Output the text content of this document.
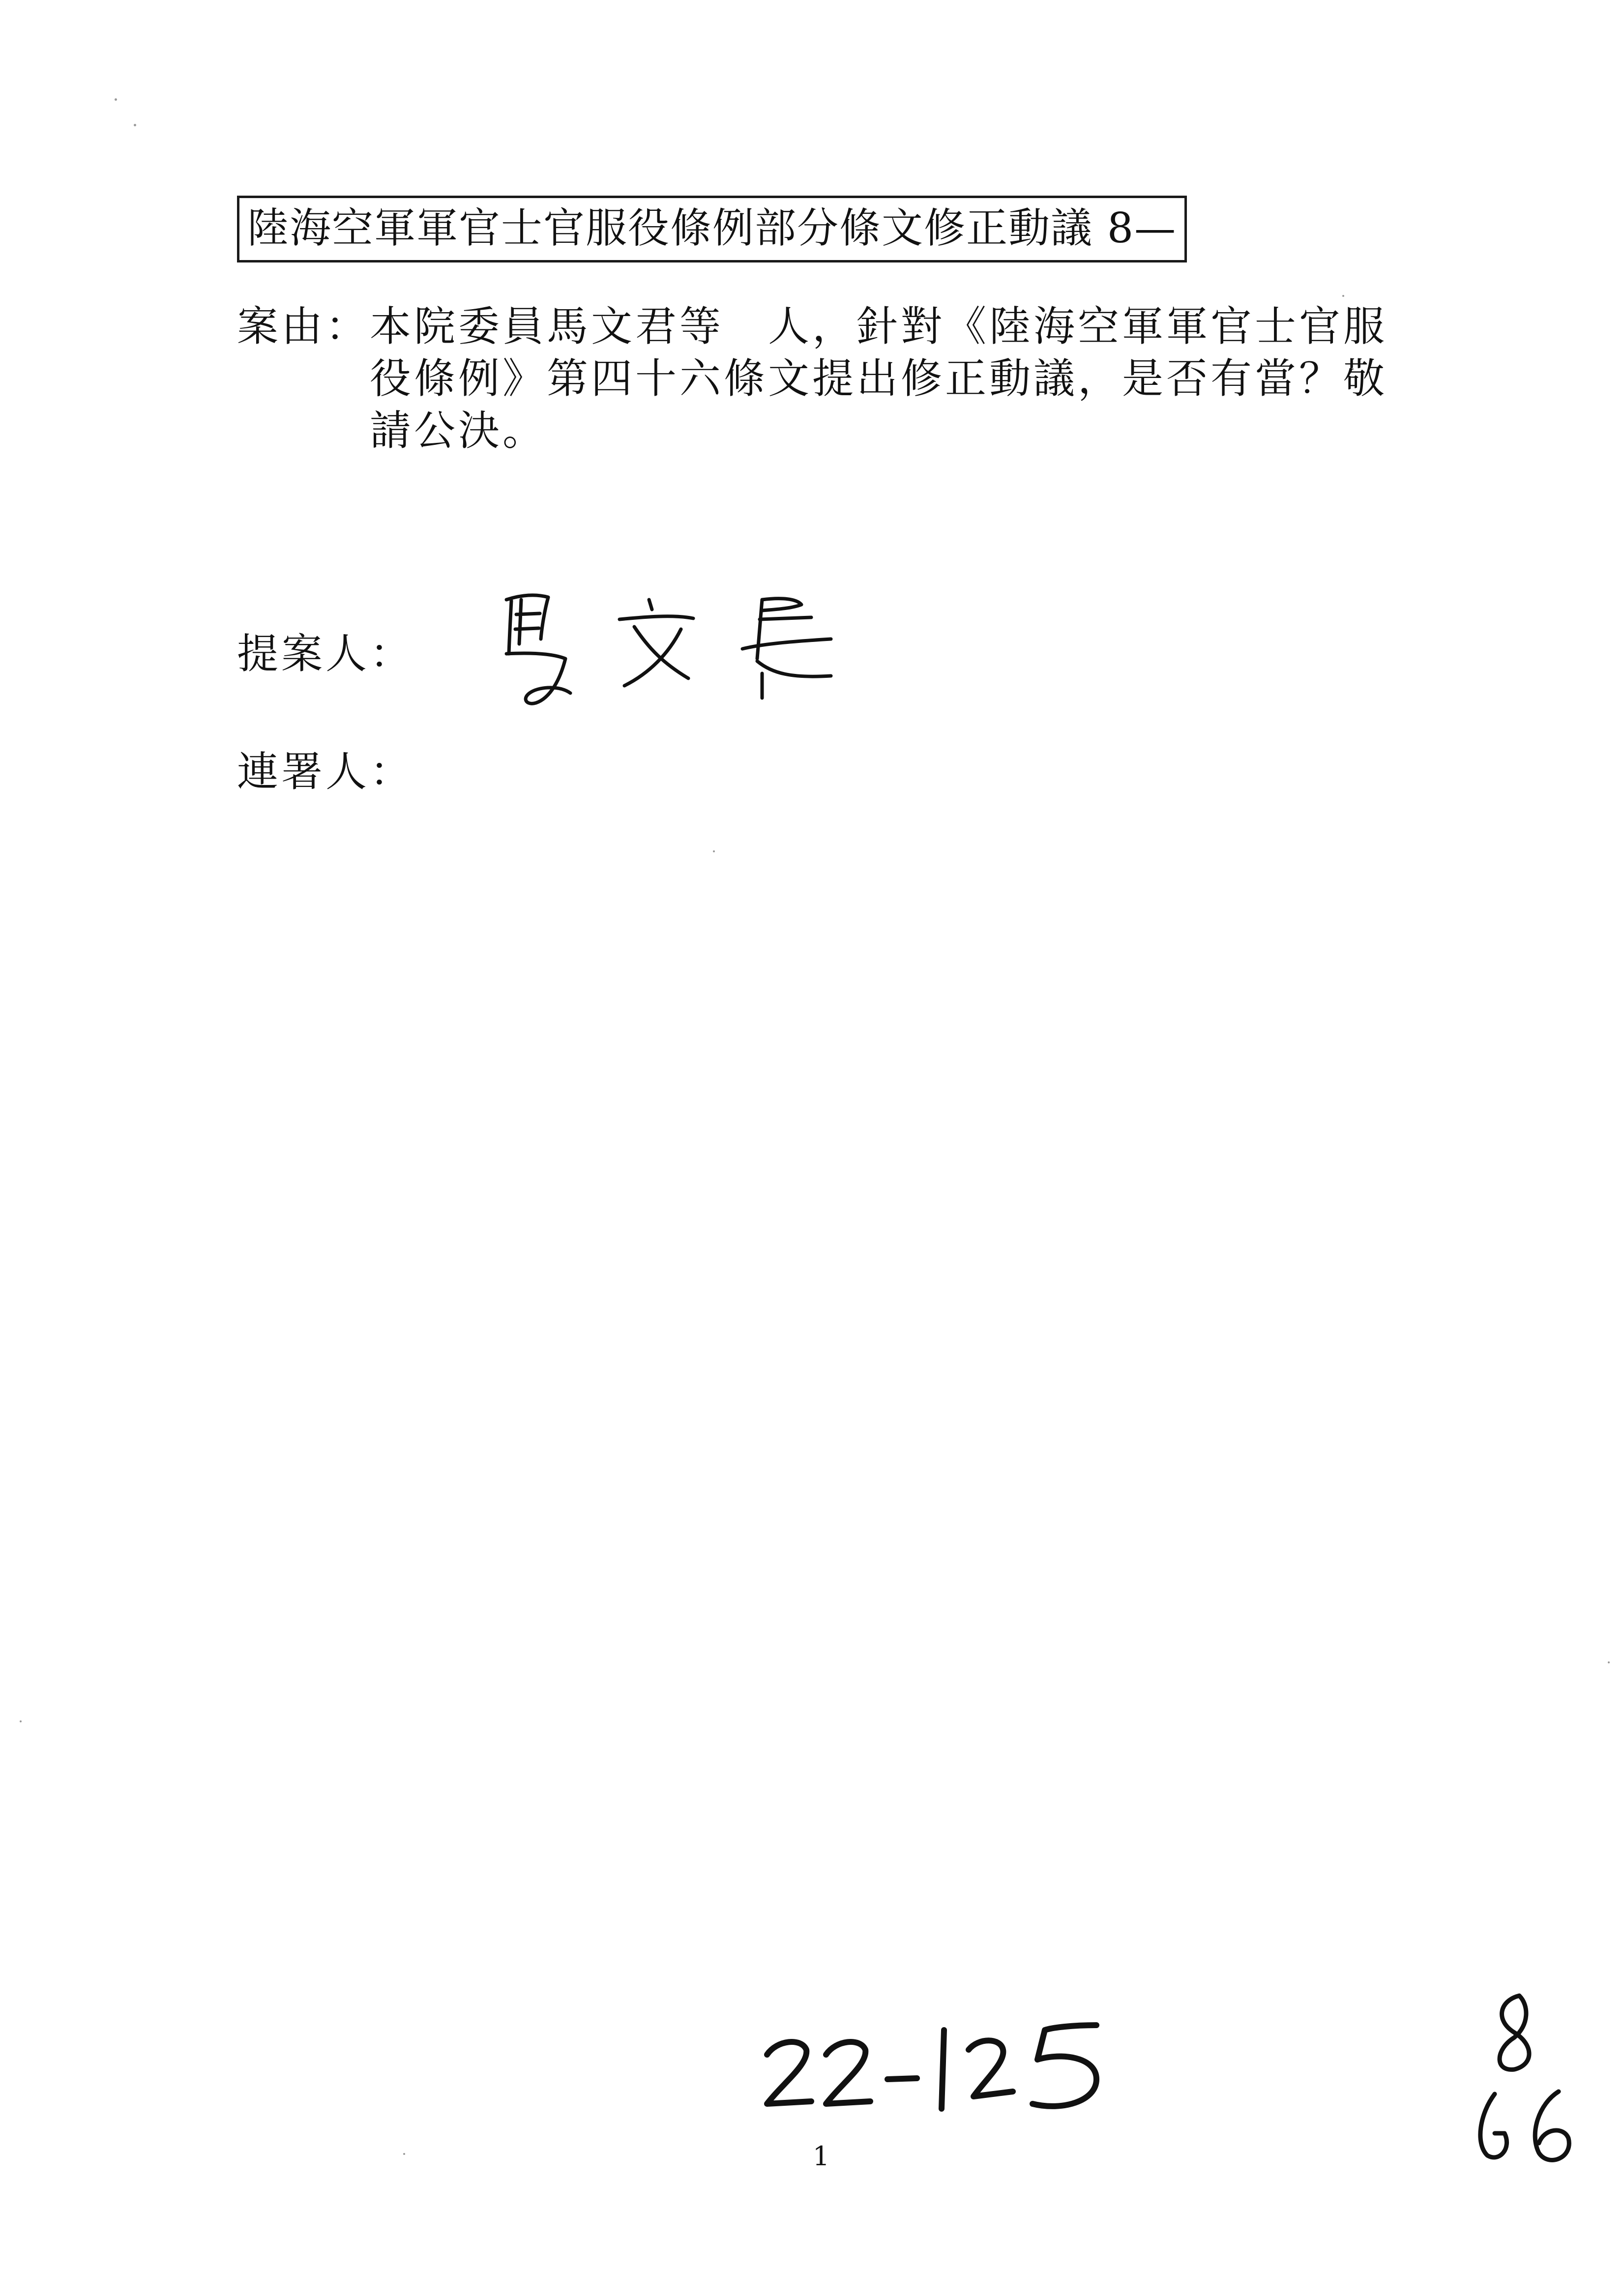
陸海空軍軍官士官服役條例部分條文修正動議 8—
案由： 本院委員馬文君等　人，針對《陸海空軍軍官士官服
役條例》第四十六條文提出修正動議，是否有當？敬
請公決。
提案人：
連署人：
1
